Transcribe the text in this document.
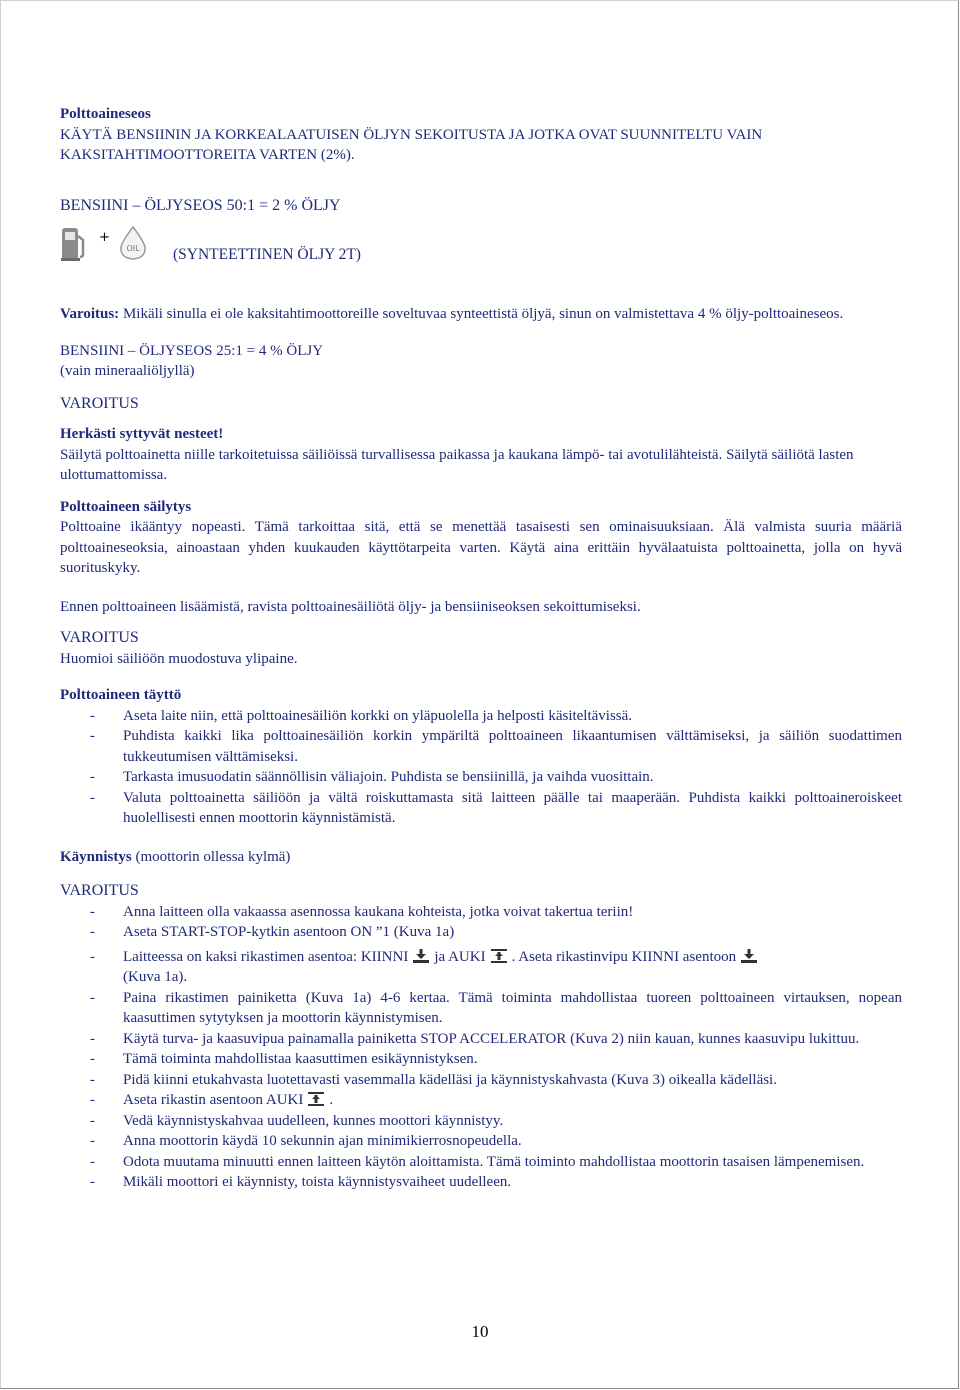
Polttoaineseos

KÄYTÄ BENSIININ JA KORKEALAATUISEN ÖLJYN SEKOITUSTA JA JOTKA OVAT SUUNNITELTU VAIN KAKSITAHTIMOOTTOREITA VARTEN (2%).

BENSIINI – ÖLJYSEOS 50:1 = 2 % ÖLJY

+
OIL (SYNTEETTINEN ÖLJY 2T)

Varoitus: Mikäli sinulla ei ole kaksitahtimoottoreille soveltuvaa synteettistä öljyä, sinun on valmistettava 4 % öljy-polttoaineseos.

BENSIINI – ÖLJYSEOS 25:1 = 4 % ÖLJY

(vain mineraaliöljyllä)

VAROITUS

Herkästi syttyvät nesteet!

Säilytä polttoainetta niille tarkoitetuissa säiliöissä turvallisessa paikassa ja kaukana lämpö- tai avotulilähteistä. Säilytä säiliötä lasten ulottumattomissa.

Polttoaineen säilytys

Polttoaine ikääntyy nopeasti. Tämä tarkoittaa sitä, että se menettää tasaisesti sen ominaisuuksiaan. Älä valmista suuria määriä polttoaineseoksia, ainoastaan yhden kuukauden käyttötarpeita varten. Käytä aina erittäin hyvälaatuista polttoainetta, jolla on hyvä suorituskyky.

Ennen polttoaineen lisäämistä, ravista polttoainesäiliötä öljy- ja bensiiniseoksen sekoittumiseksi.

VAROITUS

Huomioi säiliöön muodostuva ylipaine.

Polttoaineen täyttö

- Aseta laite niin, että polttoainesäiliön korkki on yläpuolella ja helposti käsiteltävissä.
- Puhdista kaikki lika polttoainesäiliön korkin ympäriltä polttoaineen likaantumisen välttämiseksi, ja säiliön suodattimen tukkeutumisen välttämiseksi.
- Tarkasta imusuodatin säännöllisin väliajoin. Puhdista se bensiinillä, ja vaihda vuosittain.
- Valuta polttoainetta säiliöön ja vältä roiskuttamasta sitä laitteen päälle tai maaperään. Puhdista kaikki polttoaineroiskeet huolellisesti ennen moottorin käynnistämistä.

Käynnistys (moottorin ollessa kylmä)

VAROITUS

- Anna laitteen olla vakaassa asennossa kaukana kohteista, jotka voivat takertua teriin!
- Aseta START-STOP-kytkin asentoon ON ”1 (Kuva 1a)
- Laitteessa on kaksi rikastimen asentoa: KIINNI ja AUKI . Aseta rikastinvipu KIINNI asentoon
(Kuva 1a).
- Paina rikastimen painiketta (Kuva 1a) 4-6 kertaa. Tämä toiminta mahdollistaa tuoreen polttoaineen virtauksen, nopean kaasuttimen sytytyksen ja moottorin käynnistymisen.
- Käytä turva- ja kaasuvipua painamalla painiketta STOP ACCELERATOR (Kuva 2) niin kauan, kunnes kaasuvipu lukittuu.
- Tämä toiminta mahdollistaa kaasuttimen esikäynnistyksen.
- Pidä kiinni etukahvasta luotettavasti vasemmalla kädelläsi ja käynnistyskahvasta (Kuva 3) oikealla kädelläsi.
- Aseta rikastin asentoon AUKI .
- Vedä käynnistyskahvaa uudelleen, kunnes moottori käynnistyy.
- Anna moottorin käydä 10 sekunnin ajan minimikierrosnopeudella.
- Odota muutama minuutti ennen laitteen käytön aloittamista. Tämä toiminto mahdollistaa moottorin tasaisen lämpenemisen.
- Mikäli moottori ei käynnisty, toista käynnistysvaiheet uudelleen.
10
